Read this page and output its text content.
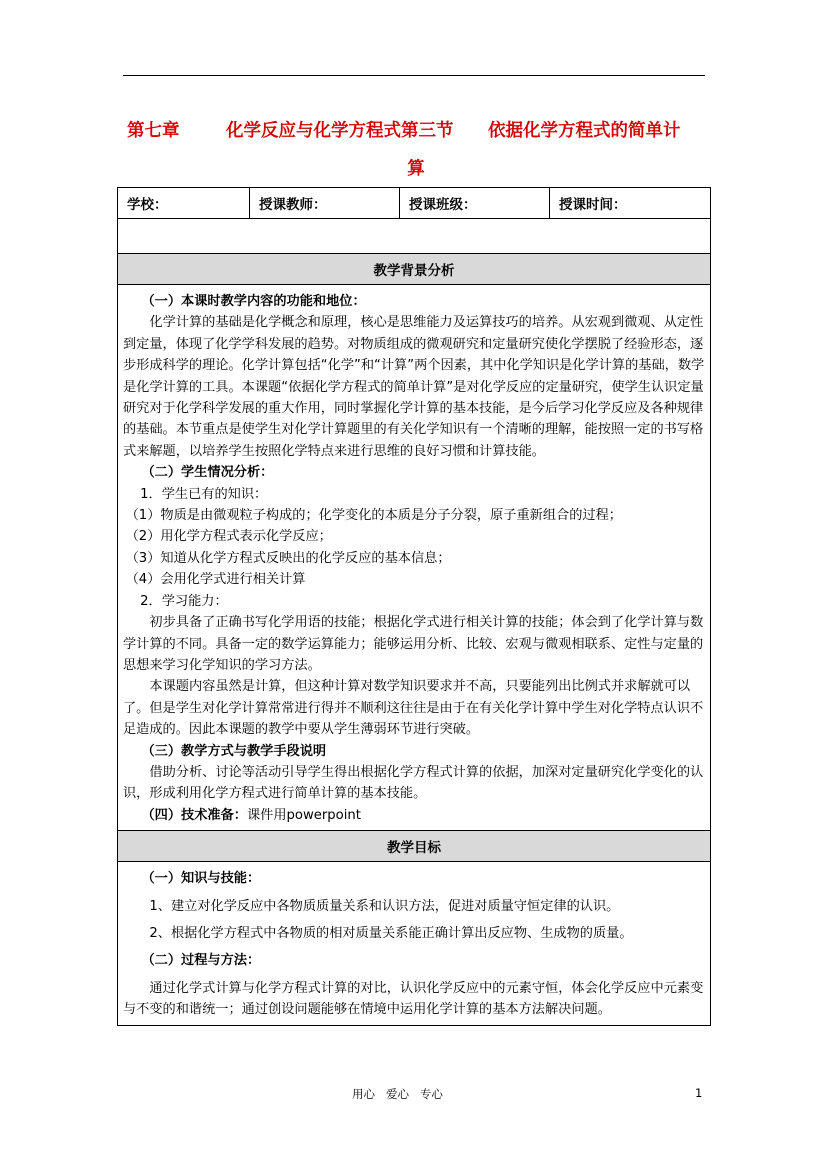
第七章	化学反应与化学方程式第三节 依据化学方程式的简单计
算
学校：	授课教师：	授课班级：	授课时间：

教学背景分析

（一）本课时教学内容的功能和地位：

化学计算的基础是化学概念和原理，核心是思维能力及运算技巧的培养。从宏观到微观、从定性到定量，体现了化学学科发展的趋势。对物质组成的微观研究和定量研究使化学摆脱了经验形态，逐步形成科学的理论。化学计算包括“化学”和“计算”两个因素，其中化学知识是化学计算的基础，数学是化学计算的工具。本课题“依据化学方程式的简单计算”是对化学反应的定量研究，使学生认识定量研究对于化学科学发展的重大作用，同时掌握化学计算的基本技能，是今后学习化学反应及各种规律的基础。本节重点是使学生对化学计算题里的有关化学知识有一个清晰的理解，能按照一定的书写格式来解题，以培养学生按照化学特点来进行思维的良好习惯和计算技能。

（二）学生情况分析：

1．学生已有的知识：

（1）物质是由微观粒子构成的；化学变化的本质是分子分裂，原子重新组合的过程；

（2）用化学方程式表示化学反应；

（3）知道从化学方程式反映出的化学反应的基本信息；

（4）会用化学式进行相关计算

2．学习能力：

初步具备了正确书写化学用语的技能；根据化学式进行相关计算的技能；体会到了化学计算与数学计算的不同。具备一定的数学运算能力；能够运用分析、比较、宏观与微观相联系、定性与定量的思想来学习化学知识的学习方法。

本课题内容虽然是计算，但这种计算对数学知识要求并不高，只要能列出比例式并求解就可以了。但是学生对化学计算常常进行得并不顺利这往往是由于在有关化学计算中学生对化学特点认识不足造成的。因此本课题的教学中要从学生薄弱环节进行突破。

（三）教学方式与教学手段说明

借助分析、讨论等活动引导学生得出根据化学方程式计算的依据，加深对定量研究化学变化的认识，形成利用化学方程式进行简单计算的基本技能。

（四）技术准备：课件用powerpoint

教学目标

（一）知识与技能：

1、建立对化学反应中各物质质量关系和认识方法，促进对质量守恒定律的认识。

2、根据化学方程式中各物质的相对质量关系能正确计算出反应物、生成物的质量。

（二）过程与方法：

通过化学式计算与化学方程式计算的对比，认识化学反应中的元素守恒，体会化学反应中元素变与不变的和谐统一；通过创设问题能够在情境中运用化学计算的基本方法解决问题。

用心   爱心   专心	1
